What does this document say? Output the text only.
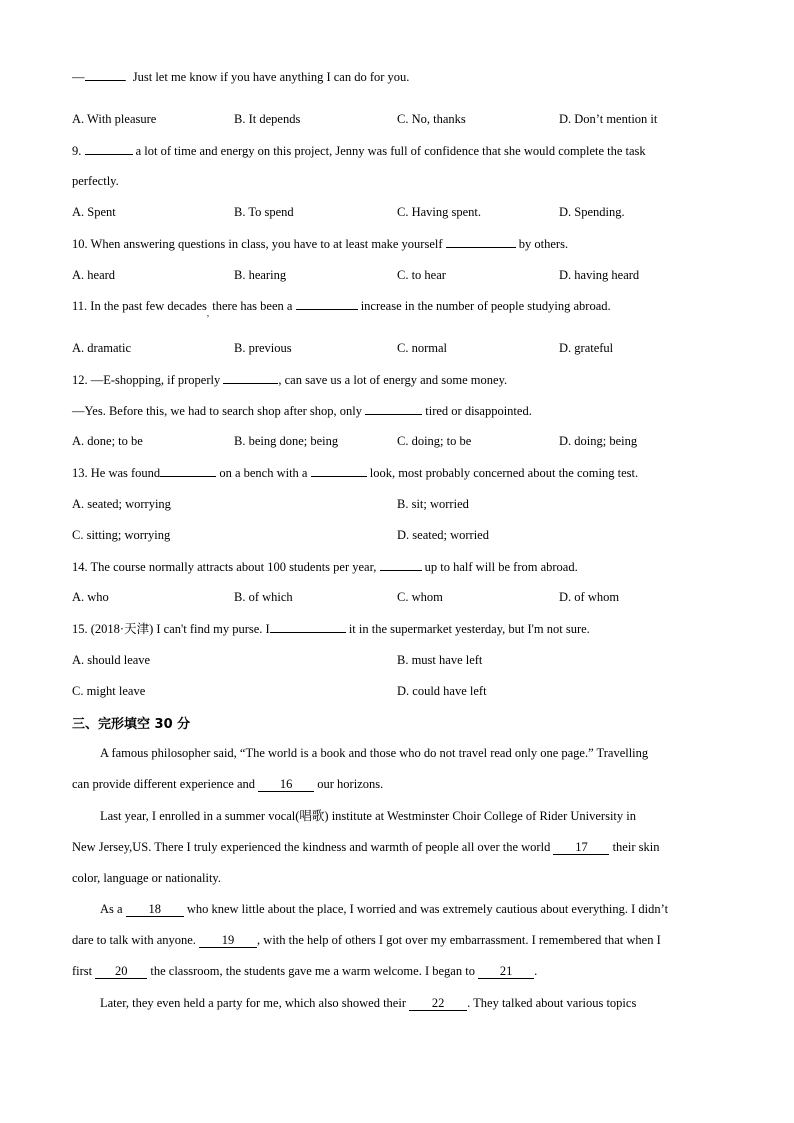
—	. Just let me know if you have anything I can do for you.
A. With pleasure	B. It depends	C. No, thanks	D. Don’t mention it
9.	a lot of time and energy on this project, Jenny was full of confidence that she would complete the task
perfectly.
A. Spent	B. To spend	C. Having spent.	D. Spending.
10. When answering questions in class, you have to at least make yourself	by others.
A. heard	B. hearing	C. to hear	D. having heard
11. In the past few decades$_,$ there has been a	increase in the number of people studying abroad.
A. dramatic	B. previous	C. normal	D. grateful
12. —E-shopping, if properly	, can save us a lot of energy and some money.
—Yes. Before this, we had to search shop after shop, only	tired or disappointed.
A. done; to be	B. being done; being	C. doing; to be	D. doing; being
13. He was found	on a bench with a	look, most probably concerned about the coming test.
A. seated; worrying	B. sit; worried
C. sitting; worrying	D. seated; worried
14. The course normally attracts about 100 students per year,	up to half will be from abroad.
A. who	B. of which	C. whom	D. of whom
15. (2018·天津) I can't find my purse. I	it in the supermarket yesterday, but I'm not sure.
A. should leave	B. must have left
C. might leave	D. could have left
三、完形填空 30 分
A famous philosopher said, “The world is a book and those who do not travel read only one page.” Travelling
can provide different experience and 16 our horizons.
Last year, I enrolled in a summer vocal(唱歌) institute at Westminster Choir College of Rider University in
New Jersey,US. There I truly experienced the kindness and warmth of people all over the world 17 their skin
color, language or nationality.
As a 18 who knew little about the place, I worried and was extremely cautious about everything. I didn’t
dare to talk with anyone. 19 , with the help of others I got over my embarrassment. I remembered that when I
first 20 the classroom, the students gave me a warm welcome. I began to 21 .
Later, they even held a party for me, which also showed their 22 . They talked about various topics
